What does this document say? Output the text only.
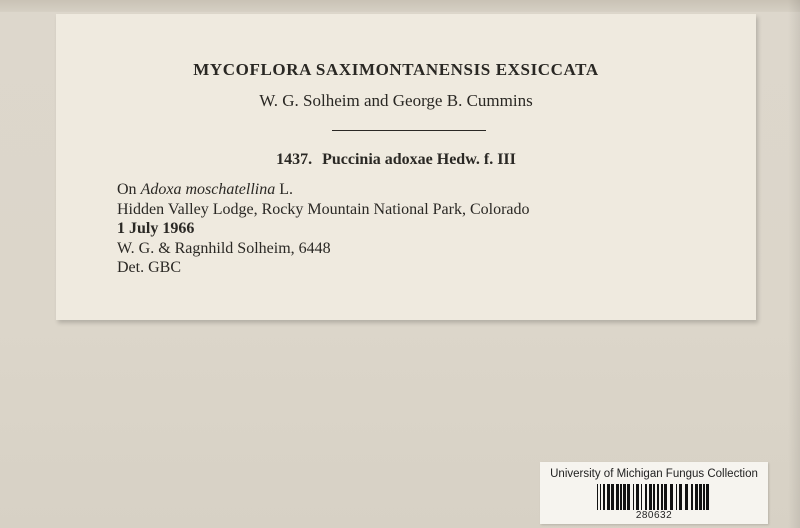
MYCOFLORA SAXIMONTANENSIS EXSICCATA
W. G. Solheim and George B. Cummins
1437. Puccinia adoxae Hedw. f. III
On Adoxa moschatellina L.
Hidden Valley Lodge, Rocky Mountain National Park, Colorado
1 July 1966
W. G. & Ragnhild Solheim, 6448
Det. GBC
University of Michigan Fungus Collection
280632
